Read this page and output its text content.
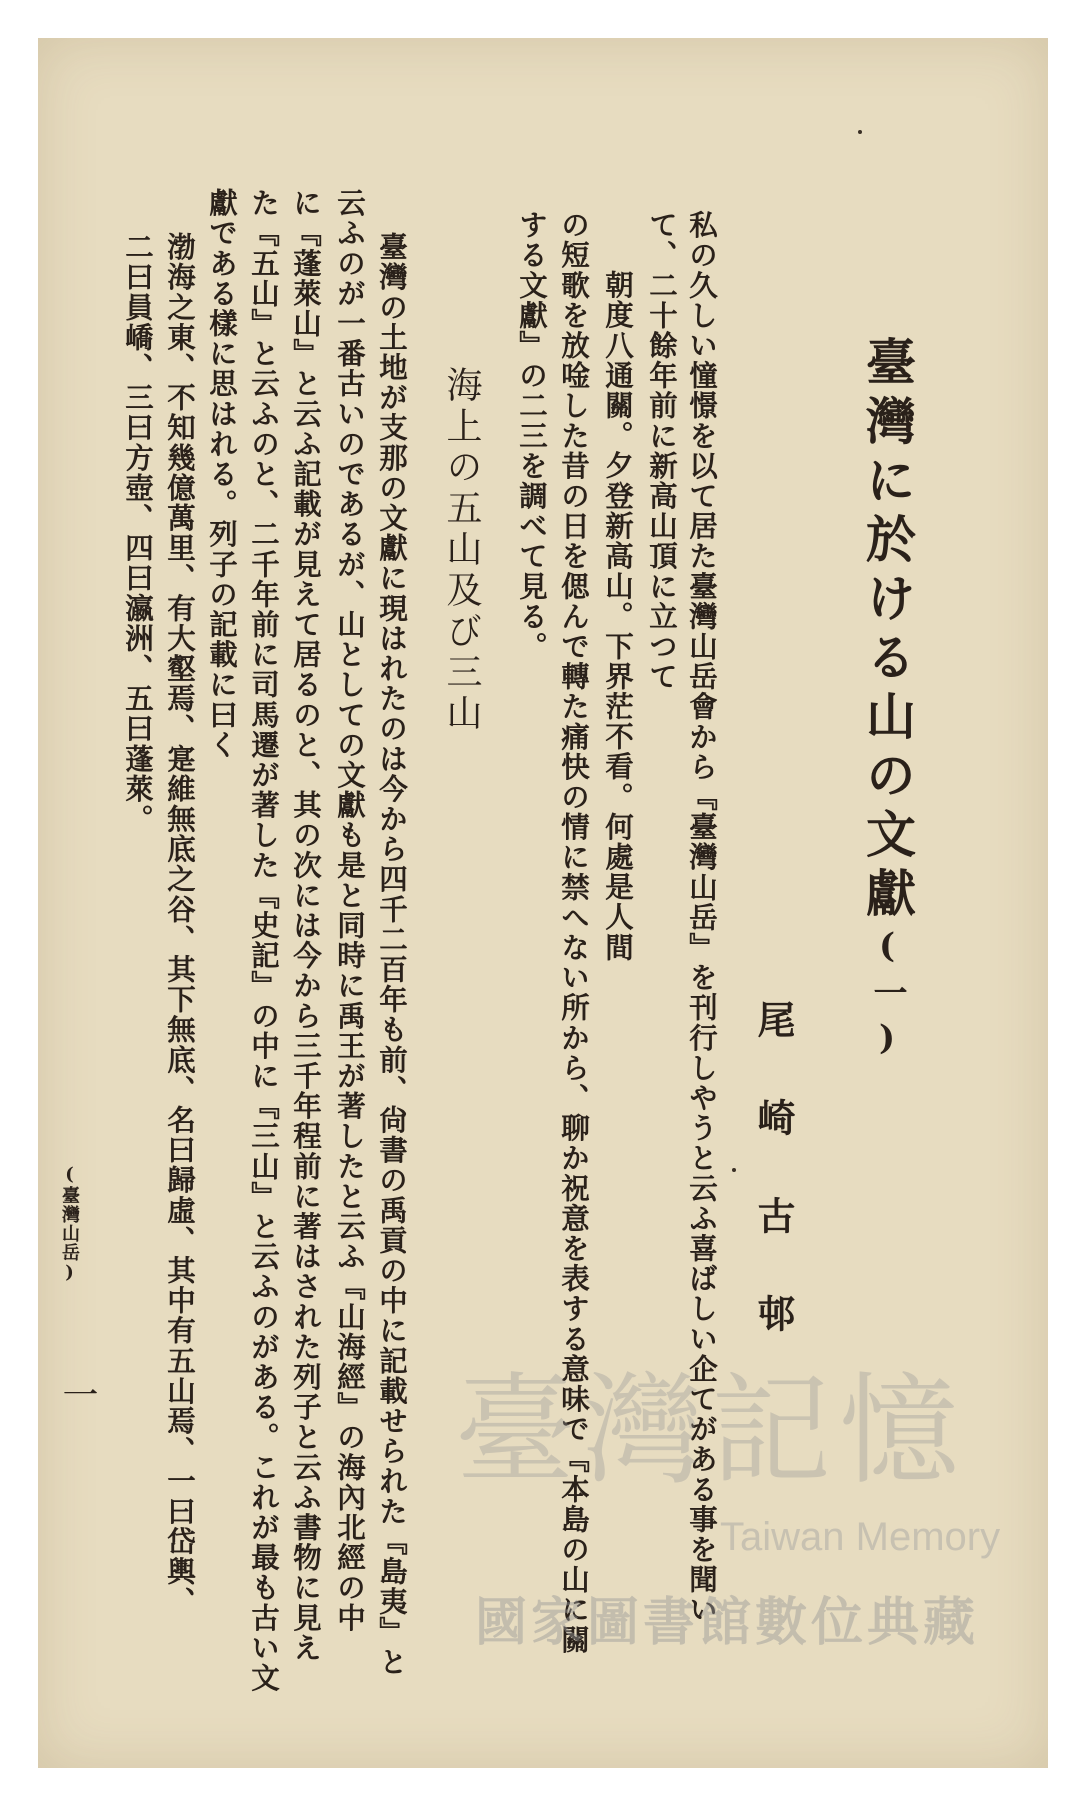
臺灣に於ける山の文獻(一)
尾崎古邨
私の久しい憧憬を以て居た臺灣山岳會から『臺灣山岳』を刊行しやうと云ふ喜ばしい企てがある事を聞い
て、二十餘年前に新高山頂に立つて
朝度八通關。夕登新高山。下界茫不看。何處是人間
の短歌を放唫した昔の日を偲んで轉た痛快の情に禁へない所から、聊か祝意を表する意味で『本島の山に關
する文獻』の二三を調べて見る。
海上の五山及び三山
臺灣の土地が支那の文獻に現はれたのは今から四千二百年も前、尙書の禹貢の中に記載せられた『島夷』と
云ふのが一番古いのであるが、山としての文獻も是と同時に禹王が著したと云ふ『山海經』の海內北經の中
に『蓬萊山』と云ふ記載が見えて居るのと、其の次には今から三千年程前に著はされた列子と云ふ書物に見え
た『五山』と云ふのと、二千年前に司馬遷が著した『史記』の中に『三山』と云ふのがある。これが最も古い文
獻である樣に思はれる。列子の記載に曰く
渤海之東、不知幾億萬里、有大壑焉、寔維無底之谷、其下無底、名曰歸虛、其中有五山焉、一曰岱輿、
二曰員嶠、三曰方壺、四曰瀛洲、五曰蓬萊。
(臺灣山岳)
一	臺灣記憶
Taiwan Memory
國家圖書館數位典藏
